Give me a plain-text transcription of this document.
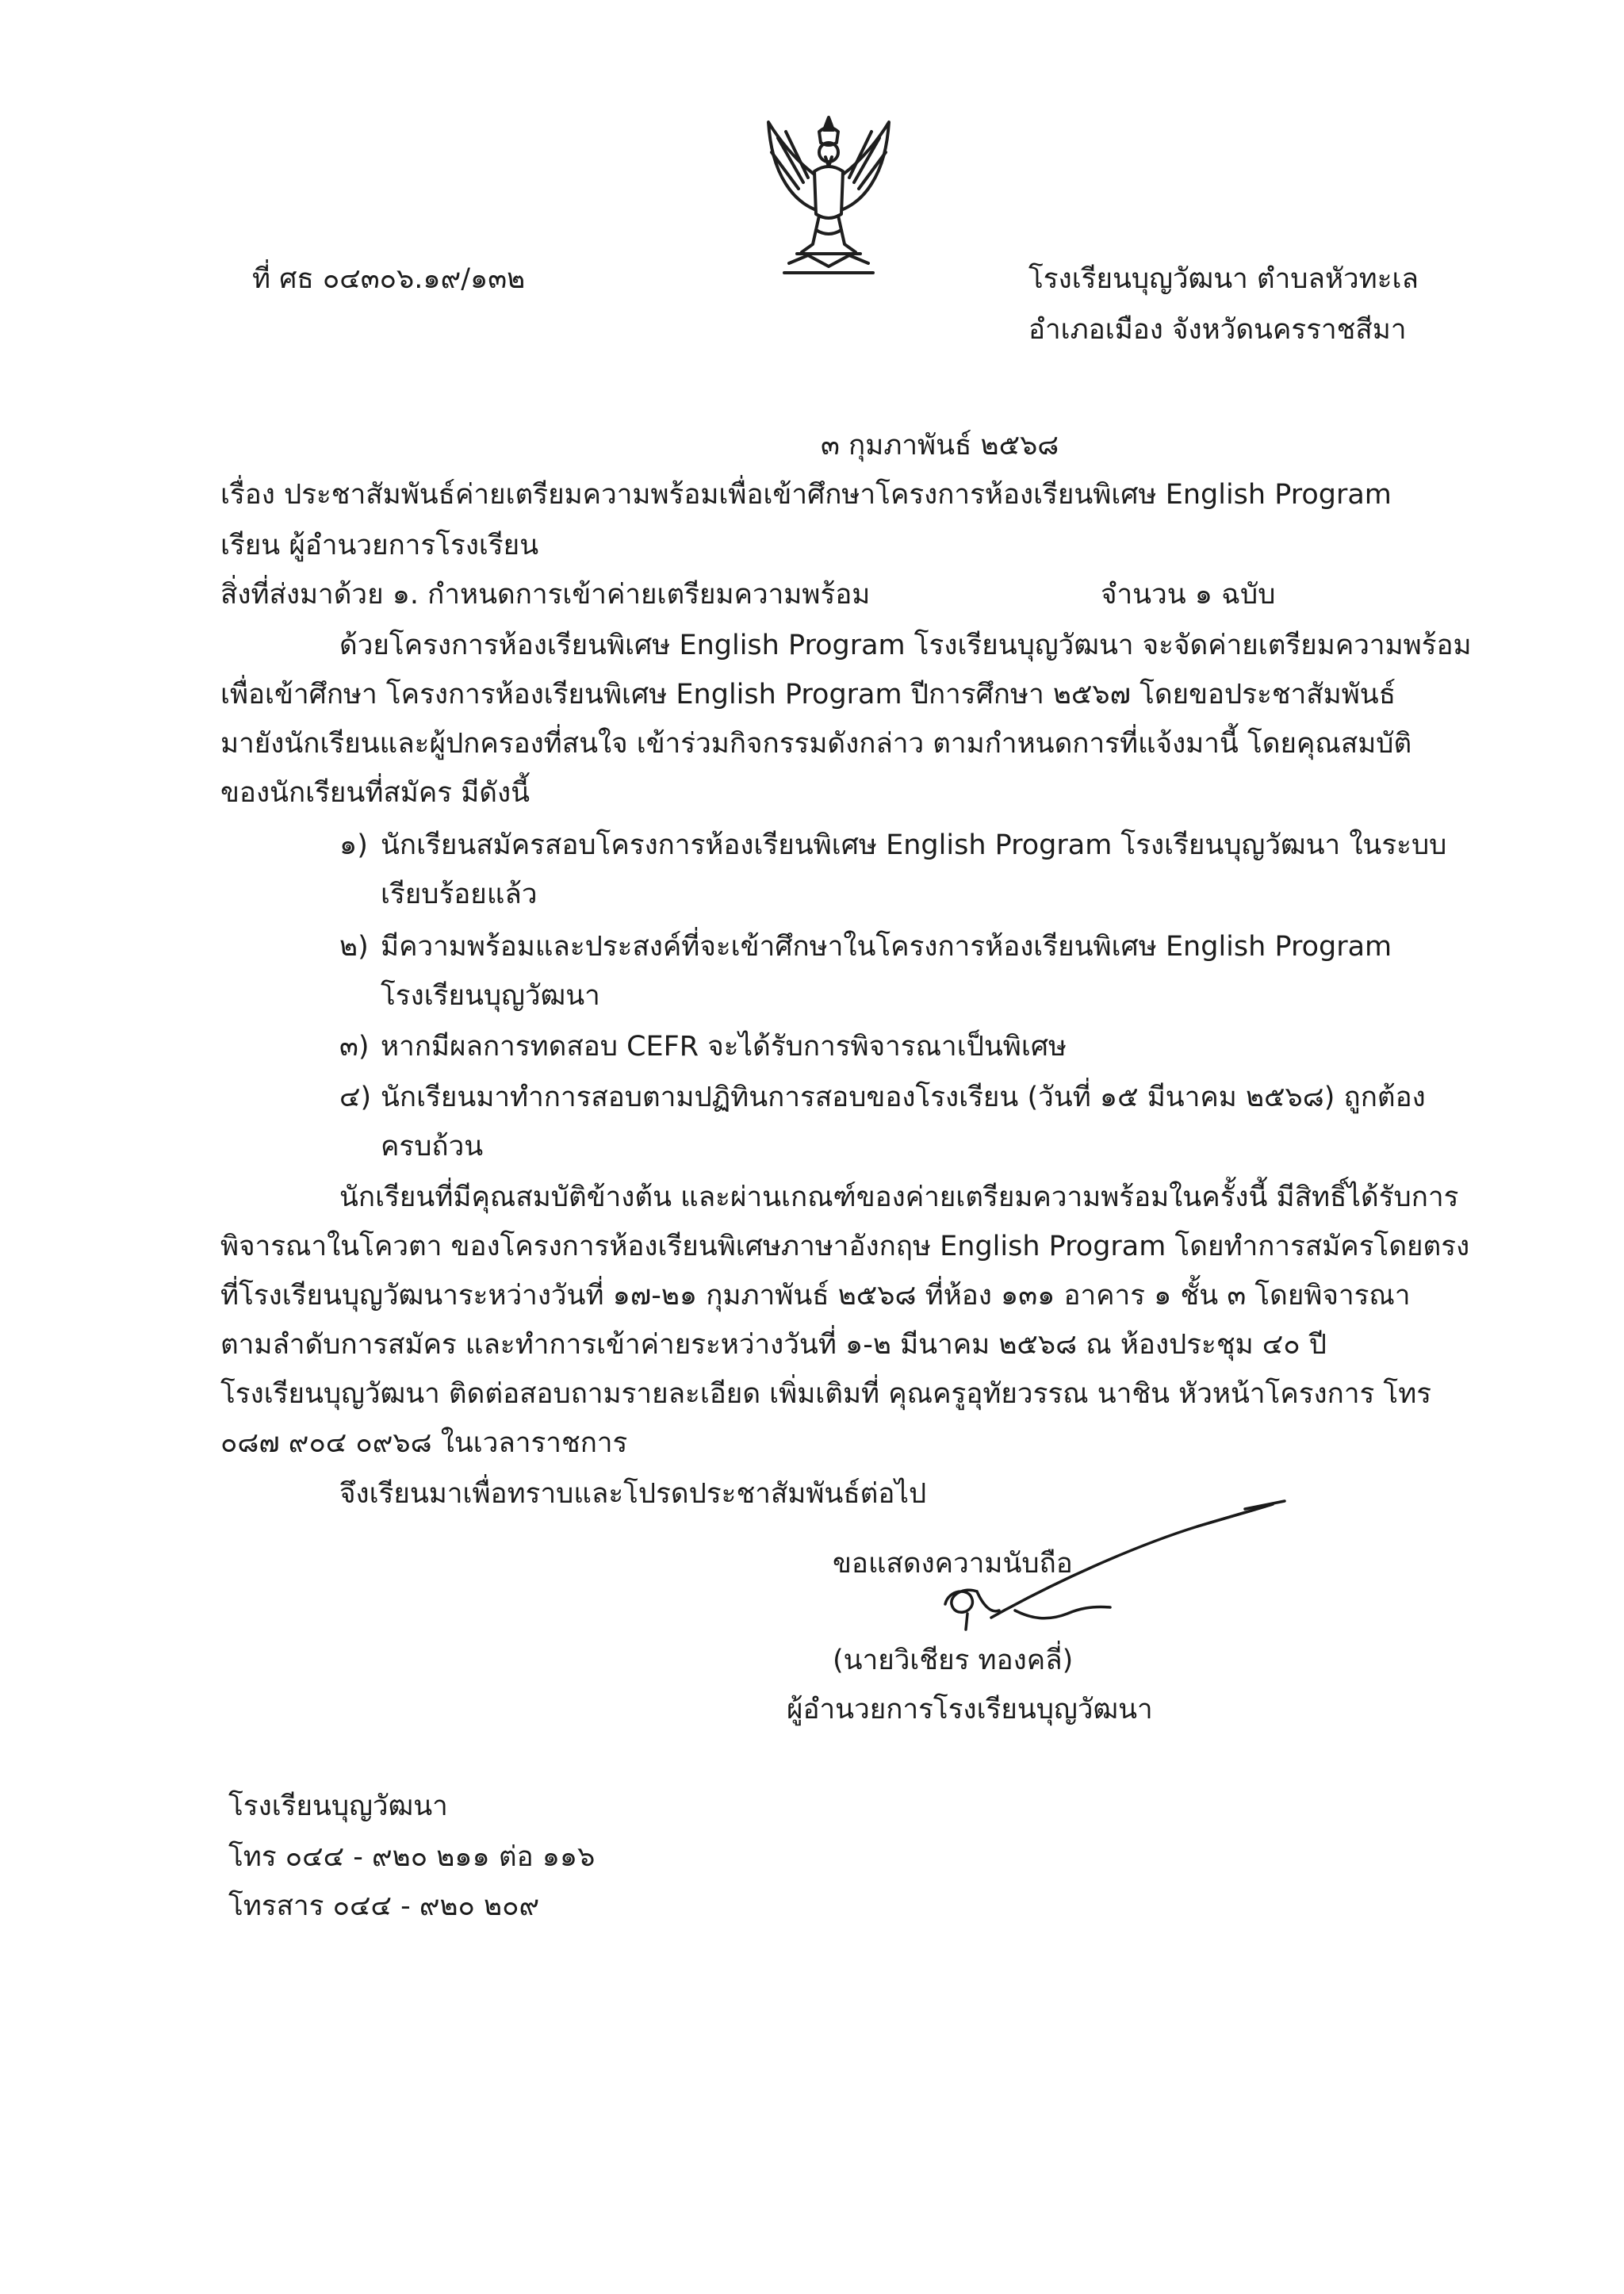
ที่ ศธ ๐๔๓๐๖.๑๙/๑๓๒	โรงเรียนบุญวัฒนา ตำบลหัวทะเล

อำเภอเมือง จังหวัดนครราชสีมา

๓ กุมภาพันธ์ ๒๕๖๘

เรื่อง ประชาสัมพันธ์ค่ายเตรียมความพร้อมเพื่อเข้าศึกษาโครงการห้องเรียนพิเศษ English Program

เรียน ผู้อำนวยการโรงเรียน

สิ่งที่ส่งมาด้วย ๑. กำหนดการเข้าค่ายเตรียมความพร้อม	จำนวน ๑ ฉบับ

ด้วยโครงการห้องเรียนพิเศษ English Program โรงเรียนบุญวัฒนา จะจัดค่ายเตรียมความพร้อม

เพื่อเข้าศึกษา โครงการห้องเรียนพิเศษ English Program ปีการศึกษา ๒๕๖๗ โดยขอประชาสัมพันธ์

มายังนักเรียนและผู้ปกครองที่สนใจ เข้าร่วมกิจกรรมดังกล่าว ตามกำหนดการที่แจ้งมานี้ โดยคุณสมบัติ

ของนักเรียนที่สมัคร มีดังนี้

๑) นักเรียนสมัครสอบโครงการห้องเรียนพิเศษ English Program โรงเรียนบุญวัฒนา ในระบบ

เรียบร้อยแล้ว

๒) มีความพร้อมและประสงค์ที่จะเข้าศึกษาในโครงการห้องเรียนพิเศษ English Program

โรงเรียนบุญวัฒนา

๓) หากมีผลการทดสอบ CEFR จะได้รับการพิจารณาเป็นพิเศษ

๔) นักเรียนมาทำการสอบตามปฏิทินการสอบของโรงเรียน (วันที่ ๑๕ มีนาคม ๒๕๖๘) ถูกต้อง

ครบถ้วน

นักเรียนที่มีคุณสมบัติข้างต้น และผ่านเกณฑ์ของค่ายเตรียมความพร้อมในครั้งนี้ มีสิทธิ์ได้รับการ

พิจารณาในโควตา ของโครงการห้องเรียนพิเศษภาษาอังกฤษ English Program โดยทำการสมัครโดยตรง

ที่โรงเรียนบุญวัฒนาระหว่างวันที่ ๑๗-๒๑ กุมภาพันธ์ ๒๕๖๘ ที่ห้อง ๑๓๑ อาคาร ๑ ชั้น ๓ โดยพิจารณา

ตามลำดับการสมัคร และทำการเข้าค่ายระหว่างวันที่ ๑-๒ มีนาคม ๒๕๖๘ ณ ห้องประชุม ๔๐ ปี

โรงเรียนบุญวัฒนา ติดต่อสอบถามรายละเอียด เพิ่มเติมที่ คุณครูอุทัยวรรณ นาชิน หัวหน้าโครงการ โทร

๐๘๗ ๙๐๔ ๐๙๖๘ ในเวลาราชการ

จึงเรียนมาเพื่อทราบและโปรดประชาสัมพันธ์ต่อไป

ขอแสดงความนับถือ

(นายวิเชียร ทองคลี่)

ผู้อำนวยการโรงเรียนบุญวัฒนา

โรงเรียนบุญวัฒนา

โทร ๐๔๔ - ๙๒๐ ๒๑๑ ต่อ ๑๑๖

โทรสาร ๐๔๔ - ๙๒๐ ๒๐๙
